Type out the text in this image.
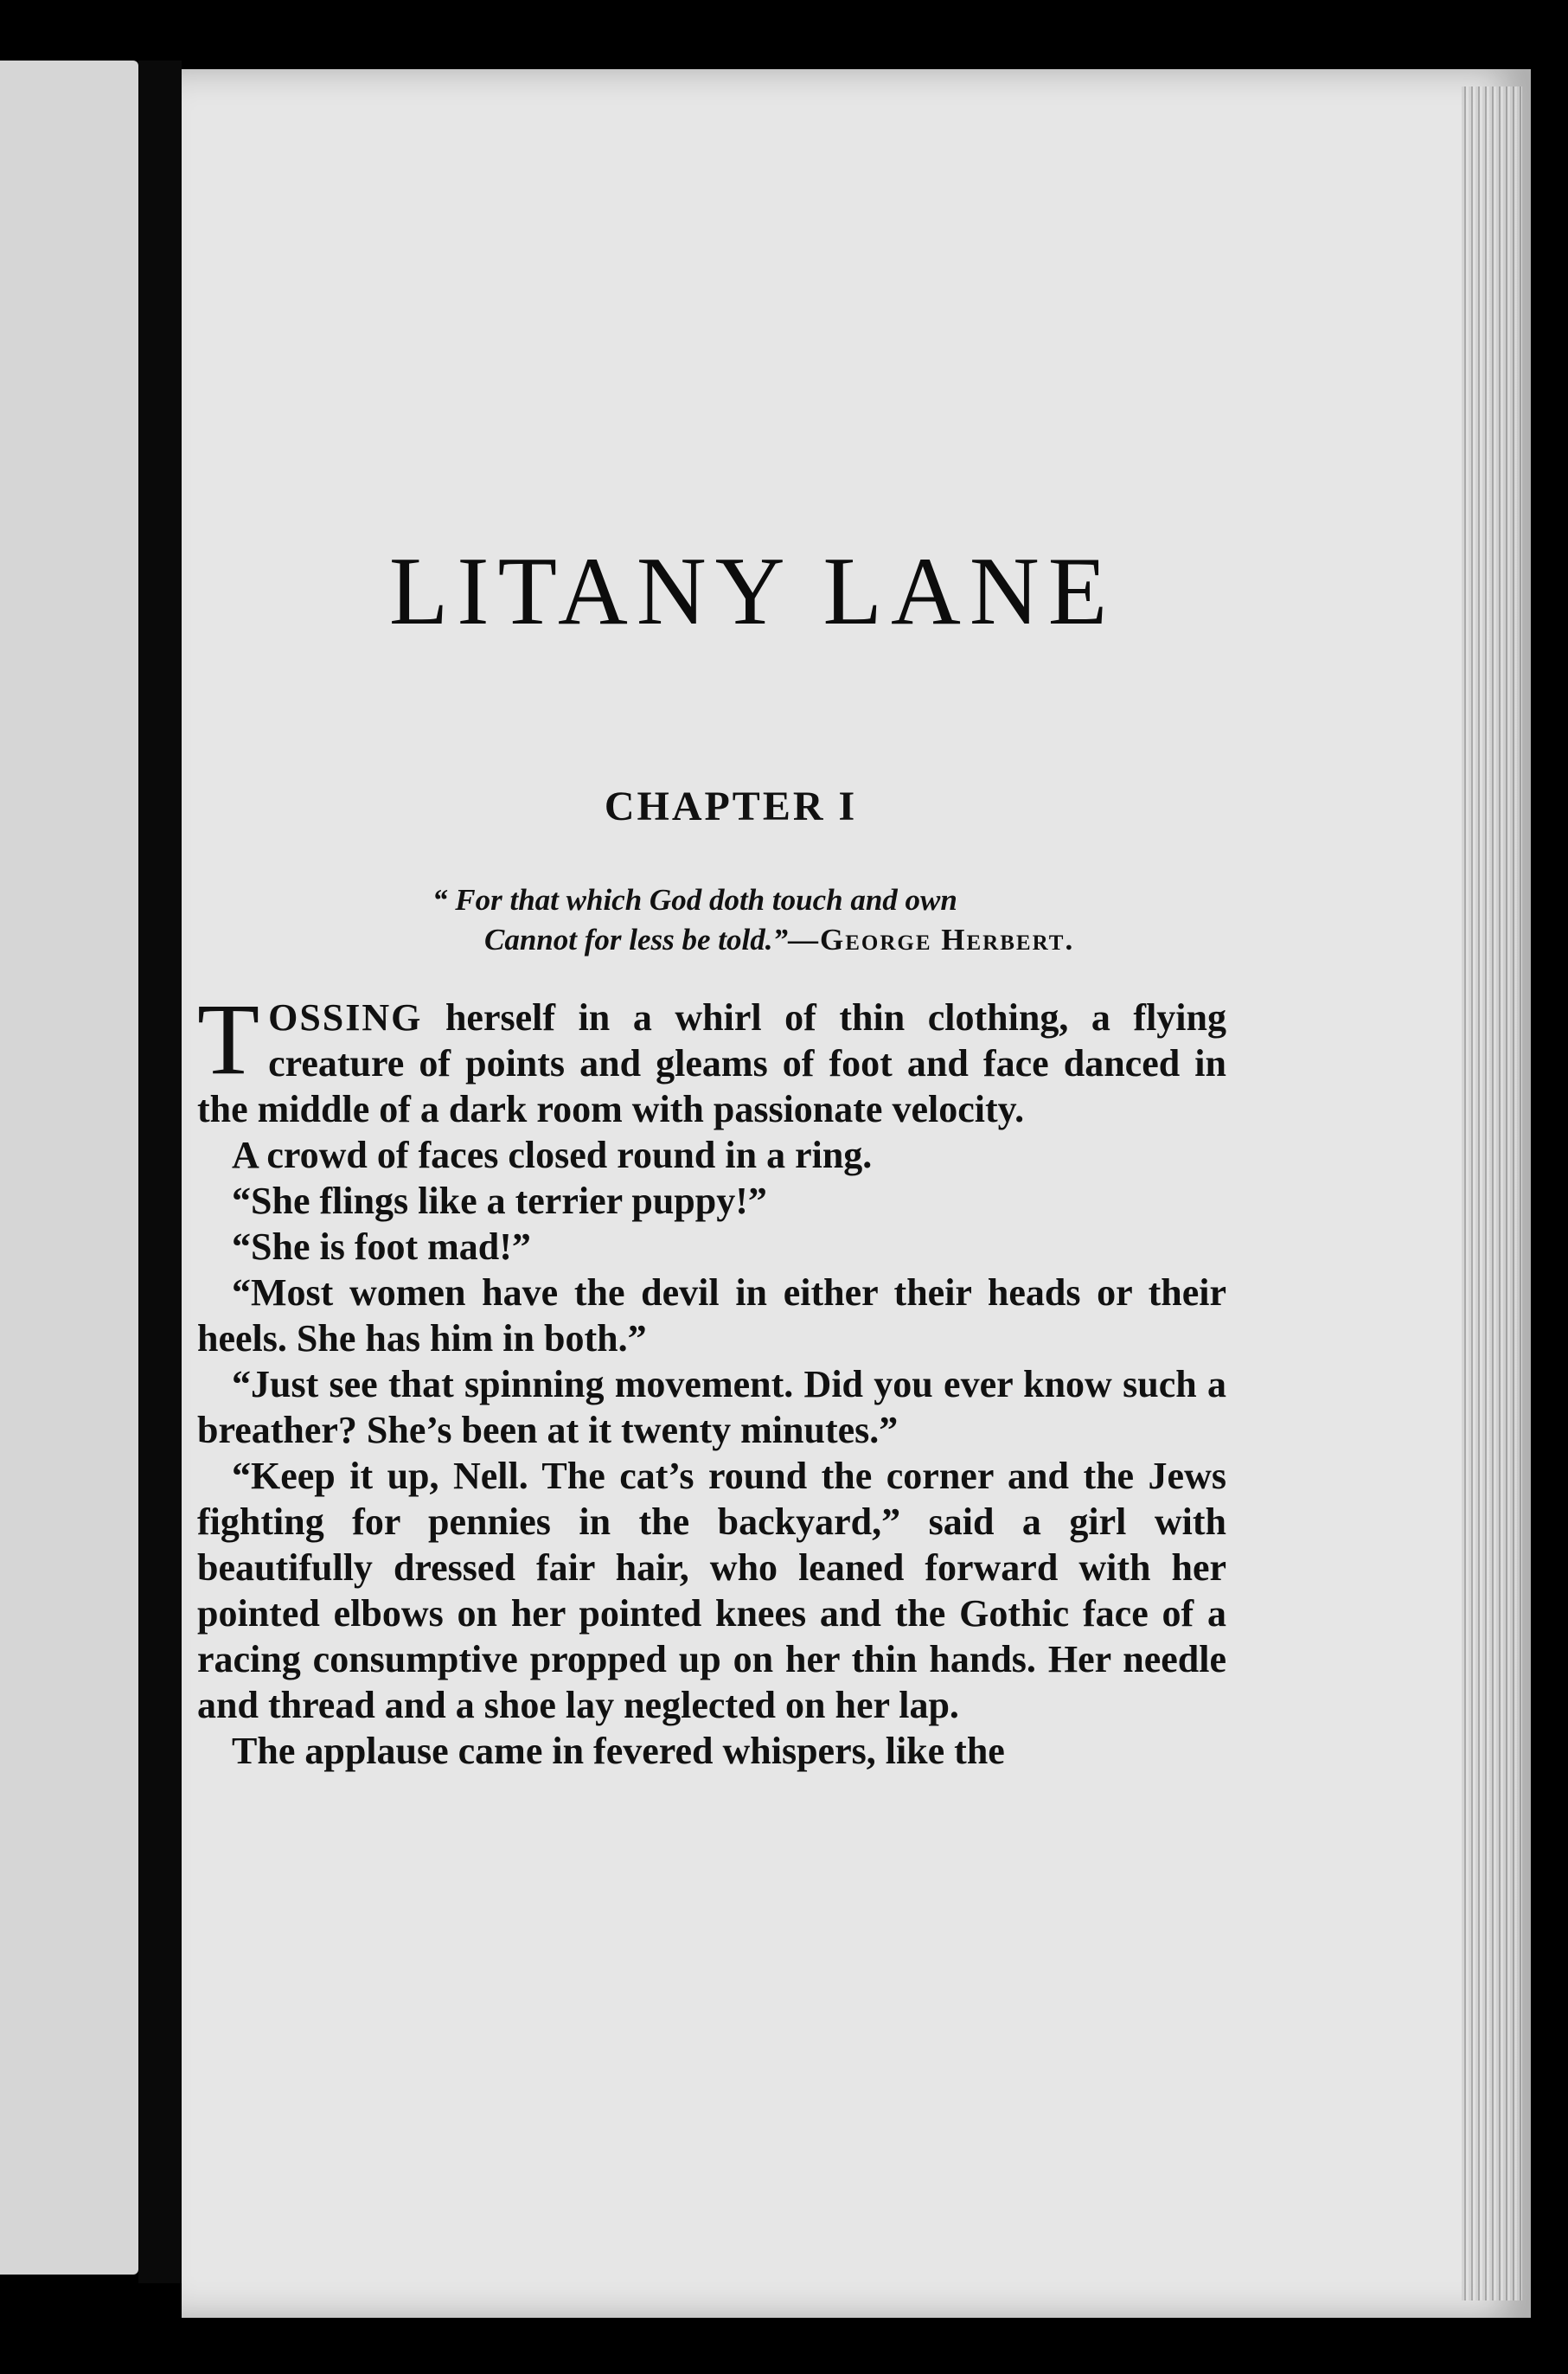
LITANY LANE
CHAPTER I
“ For that which God doth touch and own
Cannot for less be told.”—George Herbert.

TOSSING herself in a whirl of thin clothing, a flying creature of points and gleams of foot and face danced in the middle of a dark room with passionate velocity.

A crowd of faces closed round in a ring.

“She flings like a terrier puppy!”

“She is foot mad!”

“Most women have the devil in either their heads or their heels. She has him in both.”

“Just see that spinning movement. Did you ever know such a breather? She’s been at it twenty minutes.”

“Keep it up, Nell. The cat’s round the corner and the Jews fighting for pennies in the backyard,” said a girl with beautifully dressed fair hair, who leaned forward with her pointed elbows on her pointed knees and the Gothic face of a racing consumptive propped up on her thin hands. Her needle and thread and a shoe lay neglected on her lap.

The applause came in fevered whispers, like the
